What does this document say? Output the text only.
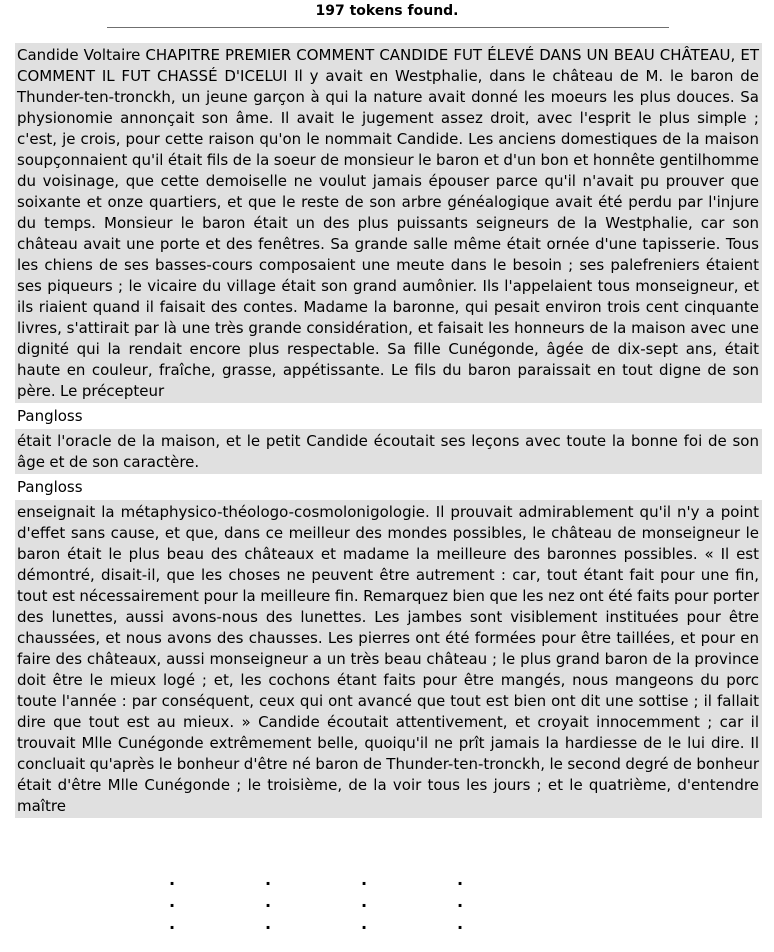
197 tokens found.
Candide Voltaire CHAPITRE PREMIER COMMENT CANDIDE FUT ÉLEVÉ DANS UN BEAU CHÂTEAU, ET COMMENT IL FUT CHASSÉ D'ICELUI Il y avait en Westphalie, dans le château de M. le baron de Thunder-ten-tronckh, un jeune garçon à qui la nature avait donné les moeurs les plus douces. Sa physionomie annonçait son âme. Il avait le jugement assez droit, avec l'esprit le plus simple ; c'est, je crois, pour cette raison qu'on le nommait Candide. Les anciens domestiques de la maison soupçonnaient qu'il était fils de la soeur de monsieur le baron et d'un bon et honnête gentilhomme du voisinage, que cette demoiselle ne voulut jamais épouser parce qu'il n'avait pu prouver que soixante et onze quartiers, et que le reste de son arbre généalogique avait été perdu par l'injure du temps. Monsieur le baron était un des plus puissants seigneurs de la Westphalie, car son château avait une porte et des fenêtres. Sa grande salle même était ornée d'une tapisserie. Tous les chiens de ses basses-cours composaient une meute dans le besoin ; ses palefreniers étaient ses piqueurs ; le vicaire du village était son grand aumônier. Ils l'appelaient tous monseigneur, et ils riaient quand il faisait des contes. Madame la baronne, qui pesait environ trois cent cinquante livres, s'attirait par là une très grande considération, et faisait les honneurs de la maison avec une dignité qui la rendait encore plus respectable. Sa fille Cunégonde, âgée de dix-sept ans, était haute en couleur, fraîche, grasse, appétissante. Le fils du baron paraissait en tout digne de son père. Le précepteur
Pangloss
était l'oracle de la maison, et le petit Candide écoutait ses leçons avec toute la bonne foi de son âge et de son caractère.
Pangloss
enseignait la métaphysico-théologo-cosmolonigologie. Il prouvait admirablement qu'il n'y a point d'effet sans cause, et que, dans ce meilleur des mondes possibles, le château de monseigneur le baron était le plus beau des châteaux et madame la meilleure des baronnes possibles. « Il est démontré, disait-il, que les choses ne peuvent être autrement : car, tout étant fait pour une fin, tout est nécessairement pour la meilleure fin. Remarquez bien que les nez ont été faits pour porter des lunettes, aussi avons-nous des lunettes. Les jambes sont visiblement instituées pour être chaussées, et nous avons des chausses. Les pierres ont été formées pour être taillées, et pour en faire des châteaux, aussi monseigneur a un très beau château ; le plus grand baron de la province doit être le mieux logé ; et, les cochons étant faits pour être mangés, nous mangeons du porc toute l'année : par conséquent, ceux qui ont avancé que tout est bien ont dit une sottise ; il fallait dire que tout est au mieux. » Candide écoutait attentivement, et croyait innocemment ; car il trouvait Mlle Cunégonde extrêmement belle, quoiqu'il ne prît jamais la hardiesse de le lui dire. Il concluait qu'après le bonheur d'être né baron de Thunder-ten-tronckh, le second degré de bonheur était d'être Mlle Cunégonde ; le troisième, de la voir tous les jours ; et le quatrième, d'entendre maître
.	.	.	.
.	.	.	.
.	.	.	.
